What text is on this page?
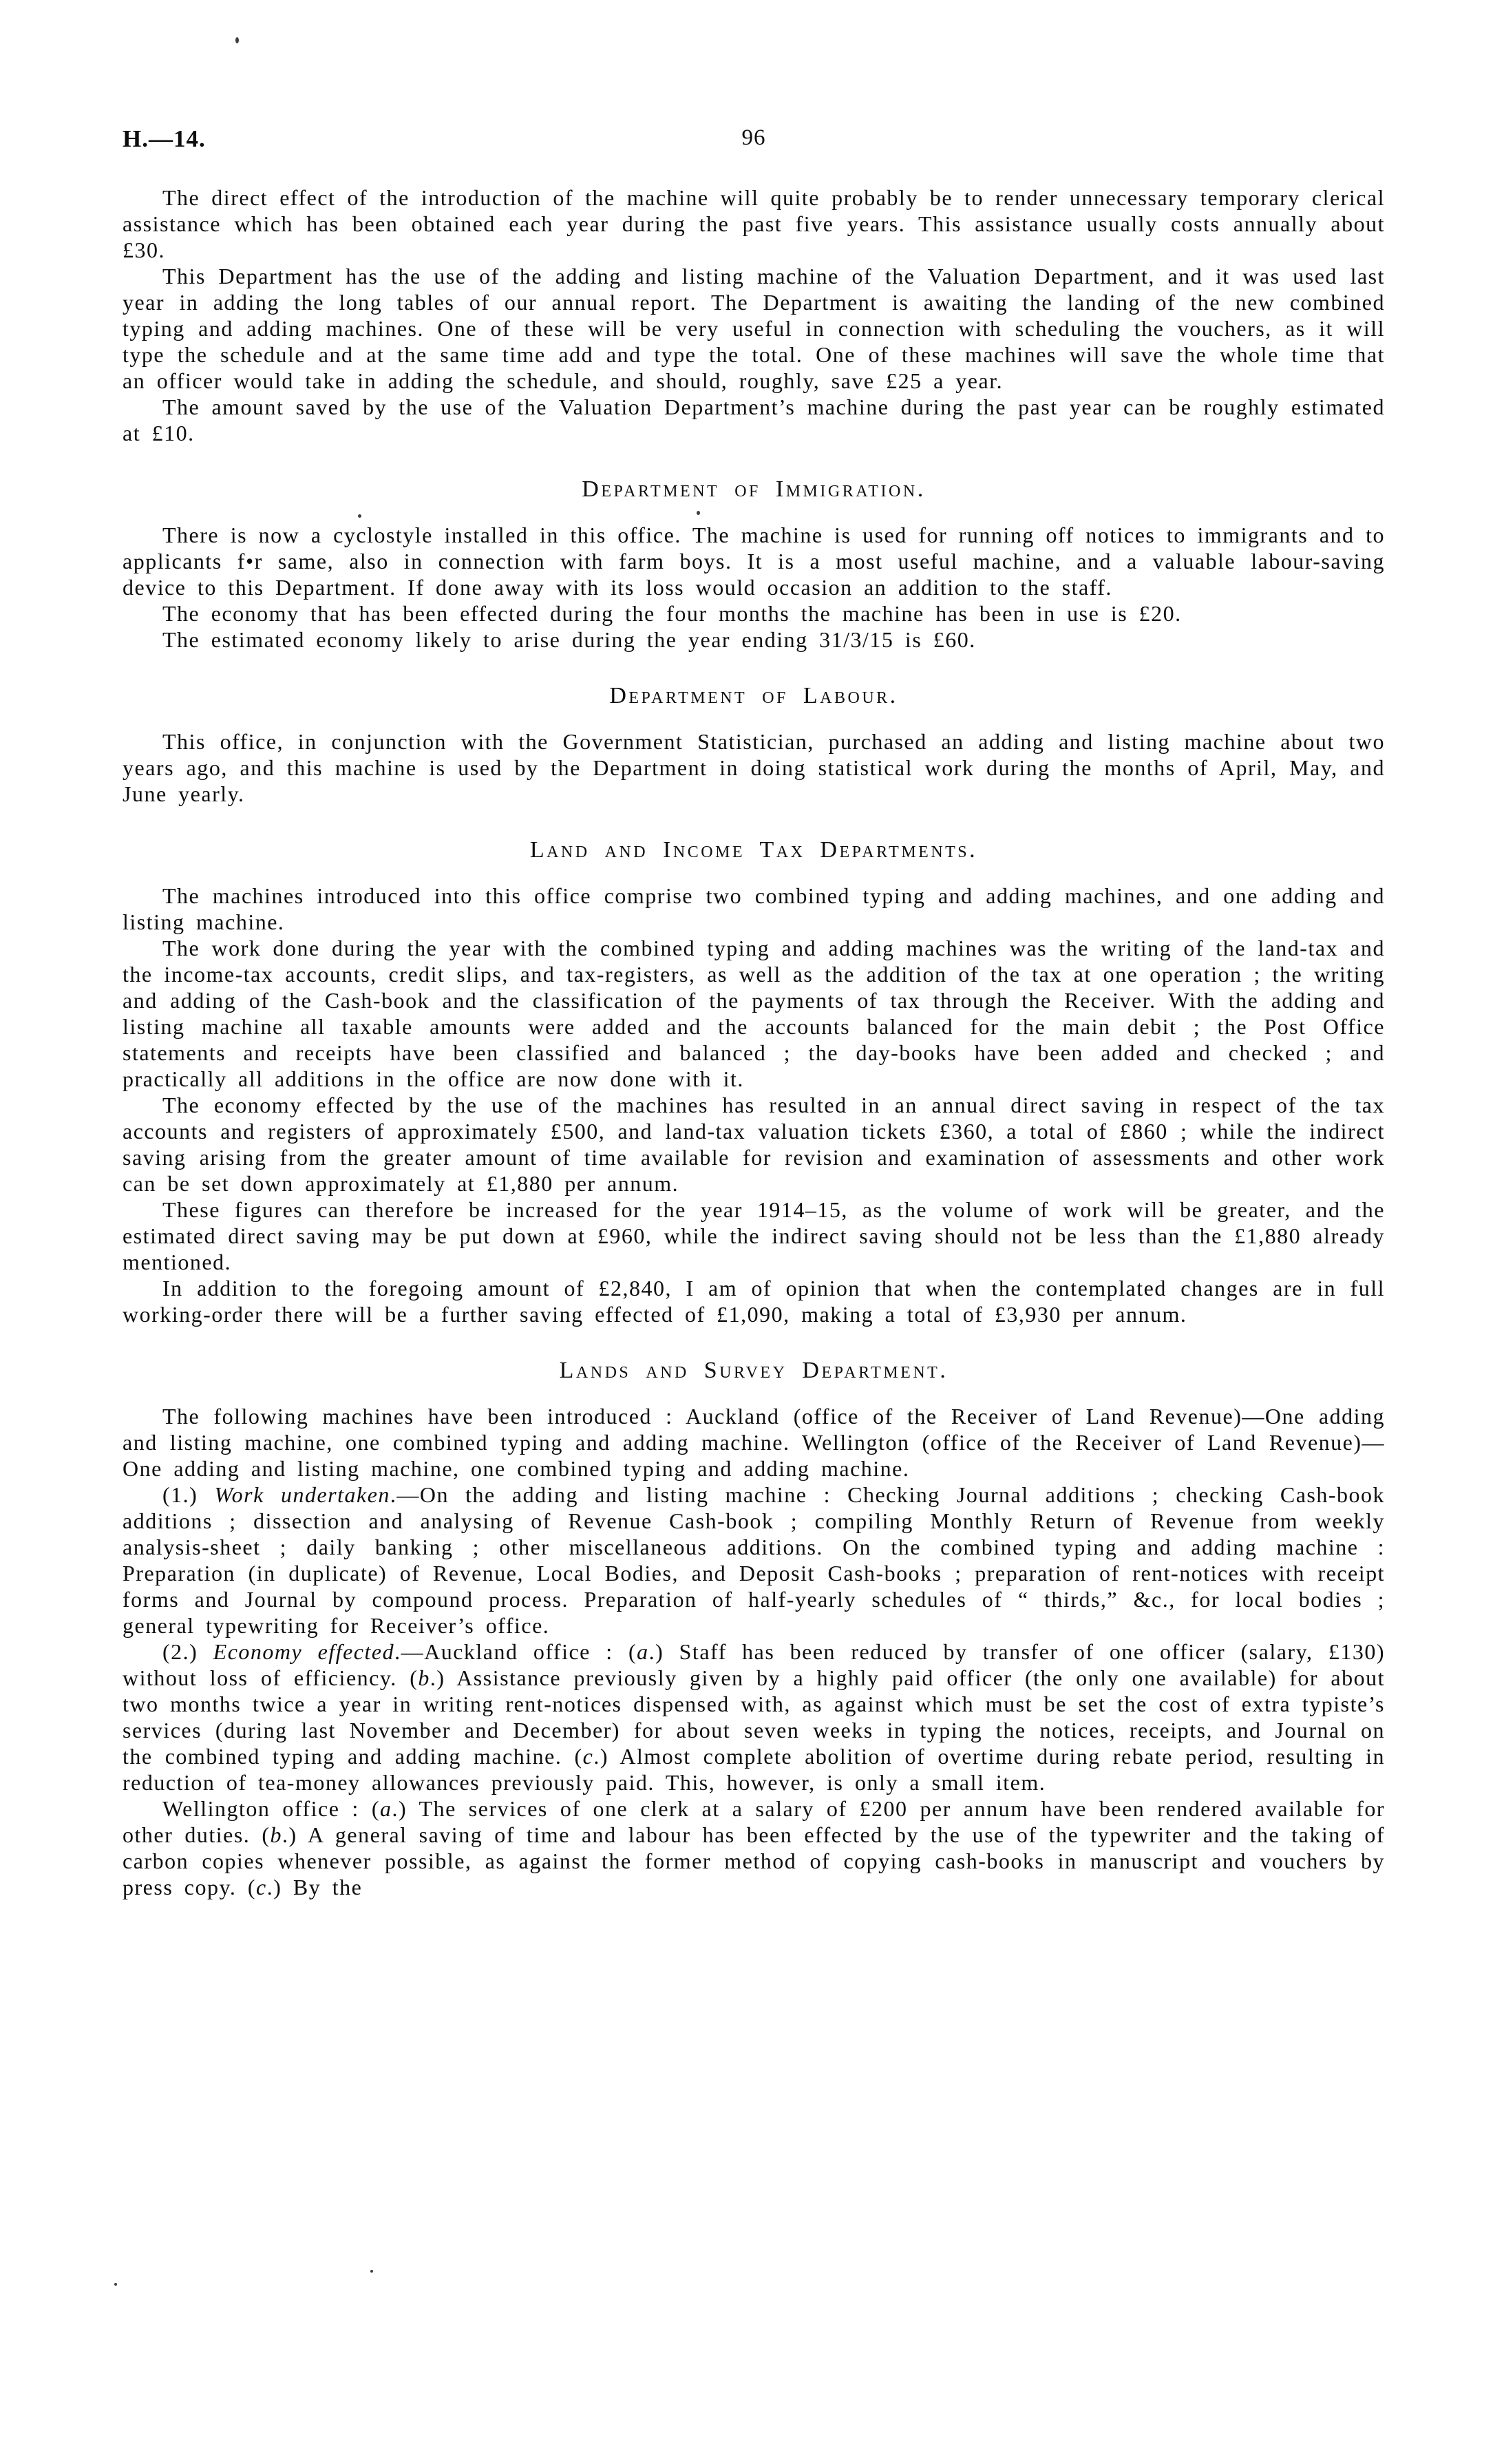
H.—14.	96

The direct effect of the introduction of the machine will quite probably be to render unnecessary temporary clerical assistance which has been obtained each year during the past five years. This assistance usually costs annually about £30.

This Department has the use of the adding and listing machine of the Valuation Department, and it was used last year in adding the long tables of our annual report. The Department is awaiting the landing of the new combined typing and adding machines. One of these will be very useful in connection with scheduling the vouchers, as it will type the schedule and at the same time add and type the total. One of these machines will save the whole time that an officer would take in adding the schedule, and should, roughly, save £25 a year.

The amount saved by the use of the Valuation Department’s machine during the past year can be roughly estimated at £10.

Department of Immigration.

There is now a cyclostyle installed in this office. The machine is used for running off notices to immigrants and to applicants f•r same, also in connection with farm boys. It is a most useful machine, and a valuable labour-saving device to this Department. If done away with its loss would occasion an addition to the staff.

The economy that has been effected during the four months the machine has been in use is £20.

The estimated economy likely to arise during the year ending 31/3/15 is £60.

Department of Labour.

This office, in conjunction with the Government Statistician, purchased an adding and listing machine about two years ago, and this machine is used by the Department in doing statistical work during the months of April, May, and June yearly.

Land and Income Tax Departments.

The machines introduced into this office comprise two combined typing and adding machines, and one adding and listing machine.

The work done during the year with the combined typing and adding machines was the writing of the land-tax and the income-tax accounts, credit slips, and tax-registers, as well as the addition of the tax at one operation ; the writing and adding of the Cash-book and the classification of the payments of tax through the Receiver. With the adding and listing machine all taxable amounts were added and the accounts balanced for the main debit ; the Post Office statements and receipts have been classified and balanced ; the day-books have been added and checked ; and practically all additions in the office are now done with it.

The economy effected by the use of the machines has resulted in an annual direct saving in respect of the tax accounts and registers of approximately £500, and land-tax valuation tickets £360, a total of £860 ; while the indirect saving arising from the greater amount of time available for revision and examination of assessments and other work can be set down approximately at £1,880 per annum.

These figures can therefore be increased for the year 1914–15, as the volume of work will be greater, and the estimated direct saving may be put down at £960, while the indirect saving should not be less than the £1,880 already mentioned.

In addition to the foregoing amount of £2,840, I am of opinion that when the contemplated changes are in full working-order there will be a further saving effected of £1,090, making a total of £3,930 per annum.

Lands and Survey Department.

The following machines have been introduced : Auckland (office of the Receiver of Land Revenue)—One adding and listing machine, one combined typing and adding machine. Wellington (office of the Receiver of Land Revenue)—One adding and listing machine, one combined typing and adding machine.

(1.) Work undertaken.—On the adding and listing machine : Checking Journal additions ; checking Cash-book additions ; dissection and analysing of Revenue Cash-book ; compiling Monthly Return of Revenue from weekly analysis-sheet ; daily banking ; other miscellaneous additions. On the combined typing and adding machine : Preparation (in duplicate) of Revenue, Local Bodies, and Deposit Cash-books ; preparation of rent-notices with receipt forms and Journal by compound process. Preparation of half-yearly schedules of “ thirds,” &c., for local bodies ; general typewriting for Receiver’s office.

(2.) Economy effected.—Auckland office : (a.) Staff has been reduced by transfer of one officer (salary, £130) without loss of efficiency. (b.) Assistance previously given by a highly paid officer (the only one available) for about two months twice a year in writing rent-notices dispensed with, as against which must be set the cost of extra typiste’s services (during last November and December) for about seven weeks in typing the notices, receipts, and Journal on the combined typing and adding machine. (c.) Almost complete abolition of overtime during rebate period, resulting in reduction of tea-money allowances previously paid. This, however, is only a small item.

Wellington office : (a.) The services of one clerk at a salary of £200 per annum have been rendered available for other duties. (b.) A general saving of time and labour has been effected by the use of the typewriter and the taking of carbon copies whenever possible, as against the former method of copying cash-books in manuscript and vouchers by press copy. (c.) By the
